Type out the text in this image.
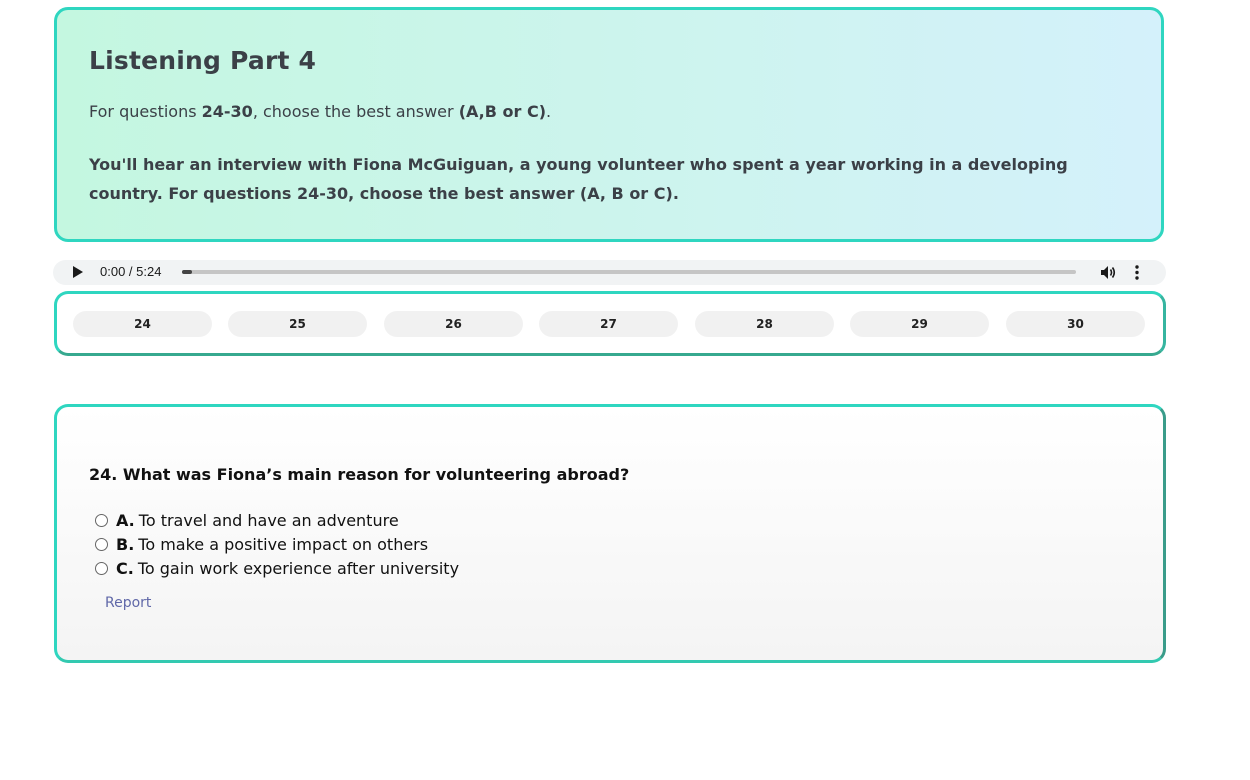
Listening Part 4

For questions 24-30, choose the best answer (A,B or C).

You'll hear an interview with Fiona McGuiguan, a young volunteer who spent a year working in a developing country. For questions 24-30, choose the best answer (A, B or C).

0:00 / 5:24
24	25	26	27	28	29	30

24. What was Fiona’s main reason for volunteering abroad?

A. To travel and have an adventure
B. To make a positive impact on others
C. To gain work experience after university
Report
